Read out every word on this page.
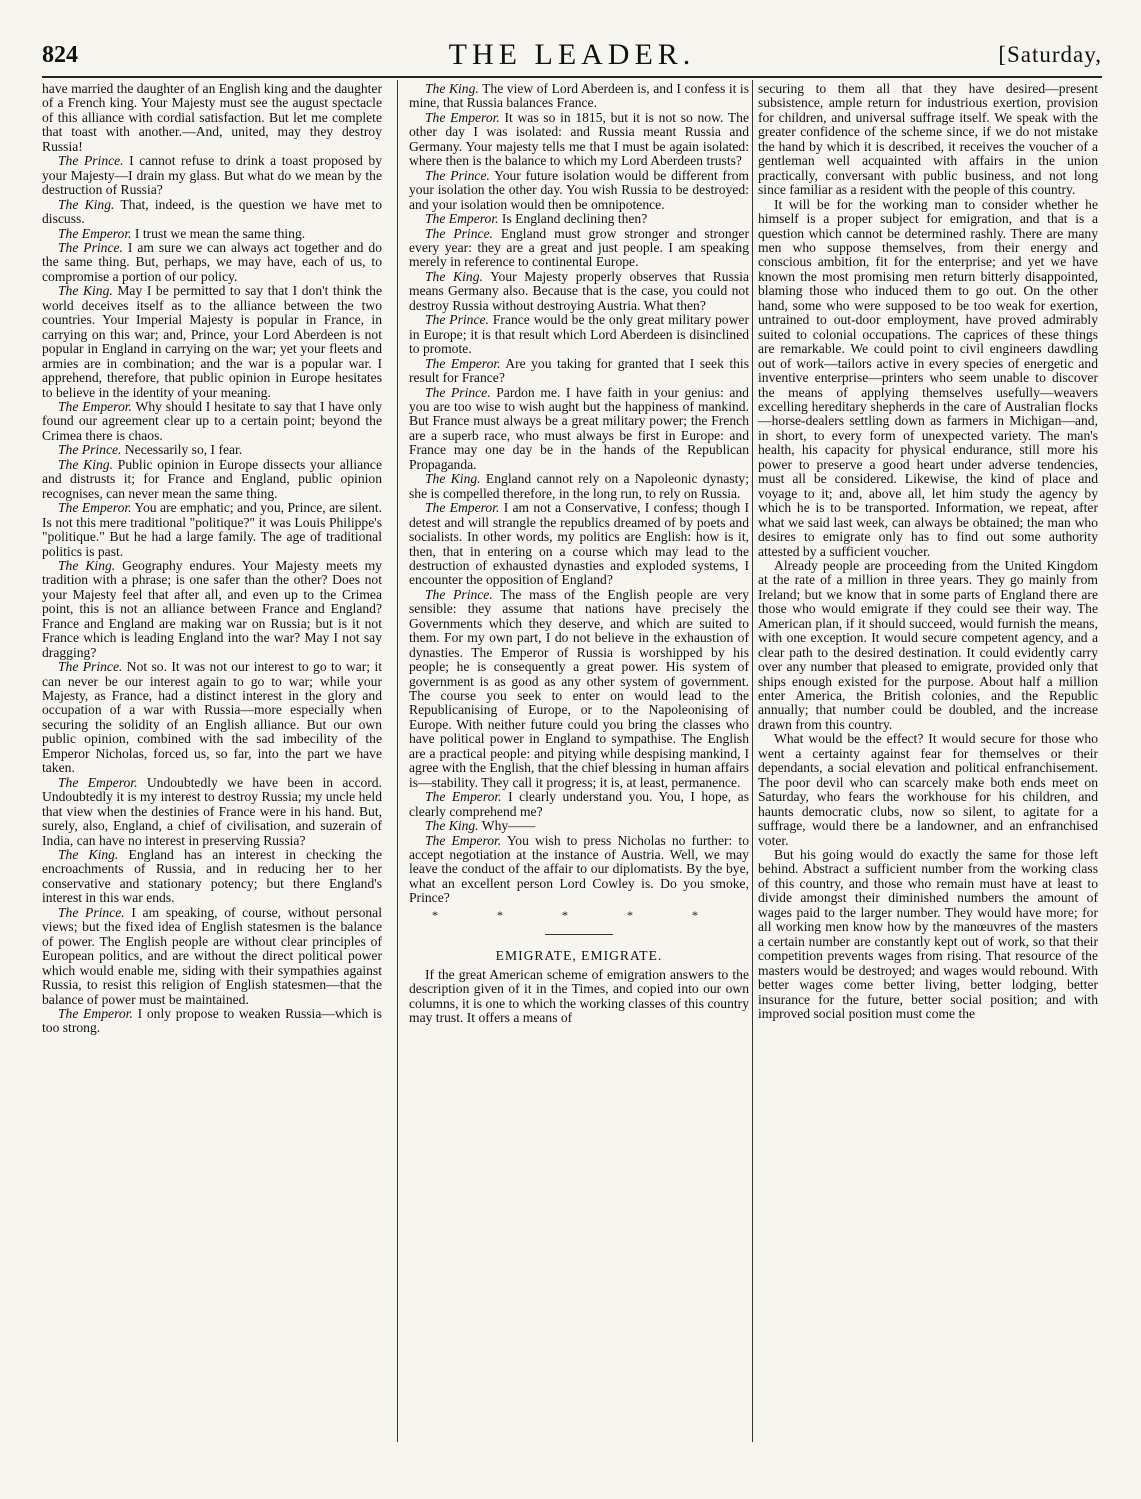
824	THE LEADER.	[Saturday,

have married the daughter of an English king and the daughter of a French king. Your Majesty must see the august spectacle of this alliance with cordial satisfaction. But let me complete that toast with another.—And, united, may they destroy Russia!

The Prince. I cannot refuse to drink a toast proposed by your Majesty—I drain my glass. But what do we mean by the destruction of Russia?

The King. That, indeed, is the question we have met to discuss.

The Emperor. I trust we mean the same thing.

The Prince. I am sure we can always act together and do the same thing. But, perhaps, we may have, each of us, to compromise a portion of our policy.

The King. May I be permitted to say that I don't think the world deceives itself as to the alliance between the two countries. Your Imperial Majesty is popular in France, in carrying on this war; and, Prince, your Lord Aberdeen is not popular in England in carrying on the war; yet your fleets and armies are in combination; and the war is a popular war. I apprehend, therefore, that public opinion in Europe hesitates to believe in the identity of your meaning.

The Emperor. Why should I hesitate to say that I have only found our agreement clear up to a certain point; beyond the Crimea there is chaos.

The Prince. Necessarily so, I fear.

The King. Public opinion in Europe dissects your alliance and distrusts it; for France and England, public opinion recognises, can never mean the same thing.

The Emperor. You are emphatic; and you, Prince, are silent. Is not this mere traditional "politique?" it was Louis Philippe's "politique." But he had a large family. The age of traditional politics is past.

The King. Geography endures. Your Majesty meets my tradition with a phrase; is one safer than the other? Does not your Majesty feel that after all, and even up to the Crimea point, this is not an alliance between France and England? France and England are making war on Russia; but is it not France which is leading England into the war? May I not say dragging?

The Prince. Not so. It was not our interest to go to war; it can never be our interest again to go to war; while your Majesty, as France, had a distinct interest in the glory and occupation of a war with Russia—more especially when securing the solidity of an English alliance. But our own public opinion, combined with the sad imbecility of the Emperor Nicholas, forced us, so far, into the part we have taken.

The Emperor. Undoubtedly we have been in accord. Undoubtedly it is my interest to destroy Russia; my uncle held that view when the destinies of France were in his hand. But, surely, also, England, a chief of civilisation, and suzerain of India, can have no interest in preserving Russia?

The King. England has an interest in checking the encroachments of Russia, and in reducing her to her conservative and stationary potency; but there England's interest in this war ends.

The Prince. I am speaking, of course, without personal views; but the fixed idea of English statesmen is the balance of power. The English people are without clear principles of European politics, and are without the direct political power which would enable me, siding with their sympathies against Russia, to resist this religion of English statesmen—that the balance of power must be maintained.

The Emperor. I only propose to weaken Russia—which is too strong.

The King. The view of Lord Aberdeen is, and I confess it is mine, that Russia balances France.

The Emperor. It was so in 1815, but it is not so now. The other day I was isolated: and Russia meant Russia and Germany. Your majesty tells me that I must be again isolated: where then is the balance to which my Lord Aberdeen trusts?

The Prince. Your future isolation would be different from your isolation the other day. You wish Russia to be destroyed: and your isolation would then be omnipotence.

The Emperor. Is England declining then?

The Prince. England must grow stronger and stronger every year: they are a great and just people. I am speaking merely in reference to continental Europe.

The King. Your Majesty properly observes that Russia means Germany also. Because that is the case, you could not destroy Russia without destroying Austria. What then?

The Prince. France would be the only great military power in Europe; it is that result which Lord Aberdeen is disinclined to promote.

The Emperor. Are you taking for granted that I seek this result for France?

The Prince. Pardon me. I have faith in your genius: and you are too wise to wish aught but the happiness of mankind. But France must always be a great military power; the French are a superb race, who must always be first in Europe: and France may one day be in the hands of the Republican Propaganda.

The King. England cannot rely on a Napoleonic dynasty; she is compelled therefore, in the long run, to rely on Russia.

The Emperor. I am not a Conservative, I confess; though I detest and will strangle the republics dreamed of by poets and socialists. In other words, my politics are English: how is it, then, that in entering on a course which may lead to the destruction of exhausted dynasties and exploded systems, I encounter the opposition of England?

The Prince. The mass of the English people are very sensible: they assume that nations have precisely the Governments which they deserve, and which are suited to them. For my own part, I do not believe in the exhaustion of dynasties. The Emperor of Russia is worshipped by his people; he is consequently a great power. His system of government is as good as any other system of government. The course you seek to enter on would lead to the Republicanising of Europe, or to the Napoleonising of Europe. With neither future could you bring the classes who have political power in England to sympathise. The English are a practical people: and pitying while despising mankind, I agree with the English, that the chief blessing in human affairs is—stability. They call it progress; it is, at least, permanence.

The Emperor. I clearly understand you. You, I hope, as clearly comprehend me?

The King. Why——

The Emperor. You wish to press Nicholas no further: to accept negotiation at the instance of Austria. Well, we may leave the conduct of the affair to our diplomatists. By the bye, what an excellent person Lord Cowley is. Do you smoke, Prince?

* * * * *
EMIGRATE, EMIGRATE.

If the great American scheme of emigration answers to the description given of it in the Times, and copied into our own columns, it is one to which the working classes of this country may trust. It offers a means of

securing to them all that they have desired—present subsistence, ample return for industrious exertion, provision for children, and universal suffrage itself. We speak with the greater confidence of the scheme since, if we do not mistake the hand by which it is described, it receives the voucher of a gentleman well acquainted with affairs in the union practically, conversant with public business, and not long since familiar as a resident with the people of this country.

It will be for the working man to consider whether he himself is a proper subject for emigration, and that is a question which cannot be determined rashly. There are many men who suppose themselves, from their energy and conscious ambition, fit for the enterprise; and yet we have known the most promising men return bitterly disappointed, blaming those who induced them to go out. On the other hand, some who were supposed to be too weak for exertion, untrained to out-door employment, have proved admirably suited to colonial occupations. The caprices of these things are remarkable. We could point to civil engineers dawdling out of work—tailors active in every species of energetic and inventive enterprise—printers who seem unable to discover the means of applying themselves usefully—weavers excelling hereditary shepherds in the care of Australian flocks—horse-dealers settling down as farmers in Michigan—and, in short, to every form of unexpected variety. The man's health, his capacity for physical endurance, still more his power to preserve a good heart under adverse tendencies, must all be considered. Likewise, the kind of place and voyage to it; and, above all, let him study the agency by which he is to be transported. Information, we repeat, after what we said last week, can always be obtained; the man who desires to emigrate only has to find out some authority attested by a sufficient voucher.

Already people are proceeding from the United Kingdom at the rate of a million in three years. They go mainly from Ireland; but we know that in some parts of England there are those who would emigrate if they could see their way. The American plan, if it should succeed, would furnish the means, with one exception. It would secure competent agency, and a clear path to the desired destination. It could evidently carry over any number that pleased to emigrate, provided only that ships enough existed for the purpose. About half a million enter America, the British colonies, and the Republic annually; that number could be doubled, and the increase drawn from this country.

What would be the effect? It would secure for those who went a certainty against fear for themselves or their dependants, a social elevation and political enfranchisement. The poor devil who can scarcely make both ends meet on Saturday, who fears the workhouse for his children, and haunts democratic clubs, now so silent, to agitate for a suffrage, would there be a landowner, and an enfranchised voter.

But his going would do exactly the same for those left behind. Abstract a sufficient number from the working class of this country, and those who remain must have at least to divide amongst their diminished numbers the amount of wages paid to the larger number. They would have more; for all working men know how by the manœuvres of the masters a certain number are constantly kept out of work, so that their competition prevents wages from rising. That resource of the masters would be destroyed; and wages would rebound. With better wages come better living, better lodging, better insurance for the future, better social position; and with improved social position must come the
